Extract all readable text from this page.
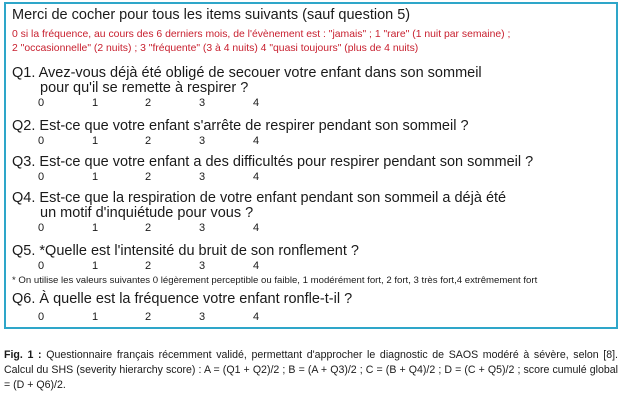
Merci de cocher pour tous les items suivants (sauf question 5)
0 si la fréquence, au cours des 6 derniers mois, de l'évènement est : "jamais" ; 1 "rare" (1 nuit par semaine) ;
2 "occasionnelle" (2 nuits) ; 3 "fréquente" (3 à 4 nuits) 4 "quasi toujours" (plus de 4 nuits)
Q1. Avez-vous déjà été obligé de secouer votre enfant dans son sommeil
pour qu'il se remette à respirer ?
0	1	2	3	4
Q2. Est-ce que votre enfant s'arrête de respirer pendant son sommeil ?
0	1	2	3	4
Q3. Est-ce que votre enfant a des difficultés pour respirer pendant son sommeil ?
0	1	2	3	4
Q4. Est-ce que la respiration de votre enfant pendant son sommeil a déjà été
un motif d'inquiétude pour vous ?
0	1	2	3	4
Q5. *Quelle est l'intensité du bruit de son ronflement ?
0	1	2	3	4
* On utilise les valeurs suivantes 0 légèrement perceptible ou faible, 1 modérément fort, 2 fort, 3 très fort,4 extrêmement fort
Q6. À quelle est la fréquence votre enfant ronfle-t-il ?
0	1	2	3	4
Fig. 1 : Questionnaire français récemment validé, permettant d'approcher le diagnostic de SAOS modéré à sévère, selon [8]. Calcul du SHS (severity hierarchy score) : A = (Q1 + Q2)/2 ; B = (A + Q3)/2 ; C = (B + Q4)/2 ; D = (C + Q5)/2 ; score cumulé global = (D + Q6)/2.
